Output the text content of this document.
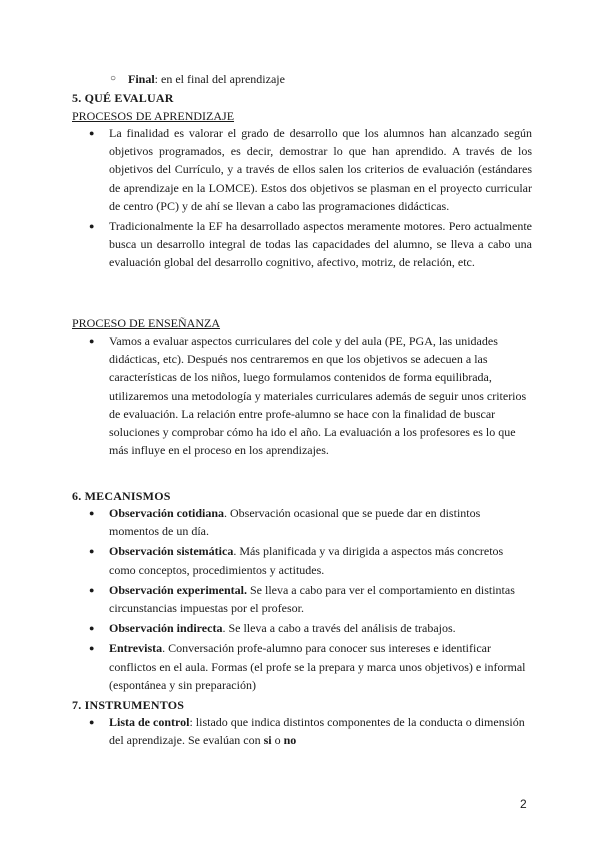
○ Final: en el final del aprendizaje
5. QUÉ EVALUAR
PROCESOS DE APRENDIZAJE
● La finalidad es valorar el grado de desarrollo que los alumnos han alcanzado según objetivos programados, es decir, demostrar lo que han aprendido. A través de los objetivos del Currículo, y a través de ellos salen los criterios de evaluación (estándares de aprendizaje en la LOMCE). Estos dos objetivos se plasman en el proyecto curricular de centro (PC) y de ahí se llevan a cabo las programaciones didácticas.
● Tradicionalmente la EF ha desarrollado aspectos meramente motores. Pero actualmente busca un desarrollo integral de todas las capacidades del alumno, se lleva a cabo una evaluación global del desarrollo cognitivo, afectivo, motriz, de relación, etc.
PROCESO DE ENSEÑANZA
● Vamos a evaluar aspectos curriculares del cole y del aula (PE, PGA, las unidades didácticas, etc). Después nos centraremos en que los objetivos se adecuen a las características de los niños, luego formulamos contenidos de forma equilibrada, utilizaremos una metodología y materiales curriculares además de seguir unos criterios de evaluación. La relación entre profe-alumno se hace con la finalidad de buscar soluciones y comprobar cómo ha ido el año. La evaluación a los profesores es lo que más influye en el proceso en los aprendizajes.
6. MECANISMOS
● Observación cotidiana. Observación ocasional que se puede dar en distintos momentos de un día.
● Observación sistemática. Más planificada y va dirigida a aspectos más concretos como conceptos, procedimientos y actitudes.
● Observación experimental. Se lleva a cabo para ver el comportamiento en distintas circunstancias impuestas por el profesor.
● Observación indirecta. Se lleva a cabo a través del análisis de trabajos.
● Entrevista. Conversación profe-alumno para conocer sus intereses e identificar conflictos en el aula. Formas (el profe se la prepara y marca unos objetivos) e informal (espontánea y sin preparación)
7. INSTRUMENTOS
● Lista de control: listado que indica distintos componentes de la conducta o dimensión del aprendizaje. Se evalúan con si o no
2
